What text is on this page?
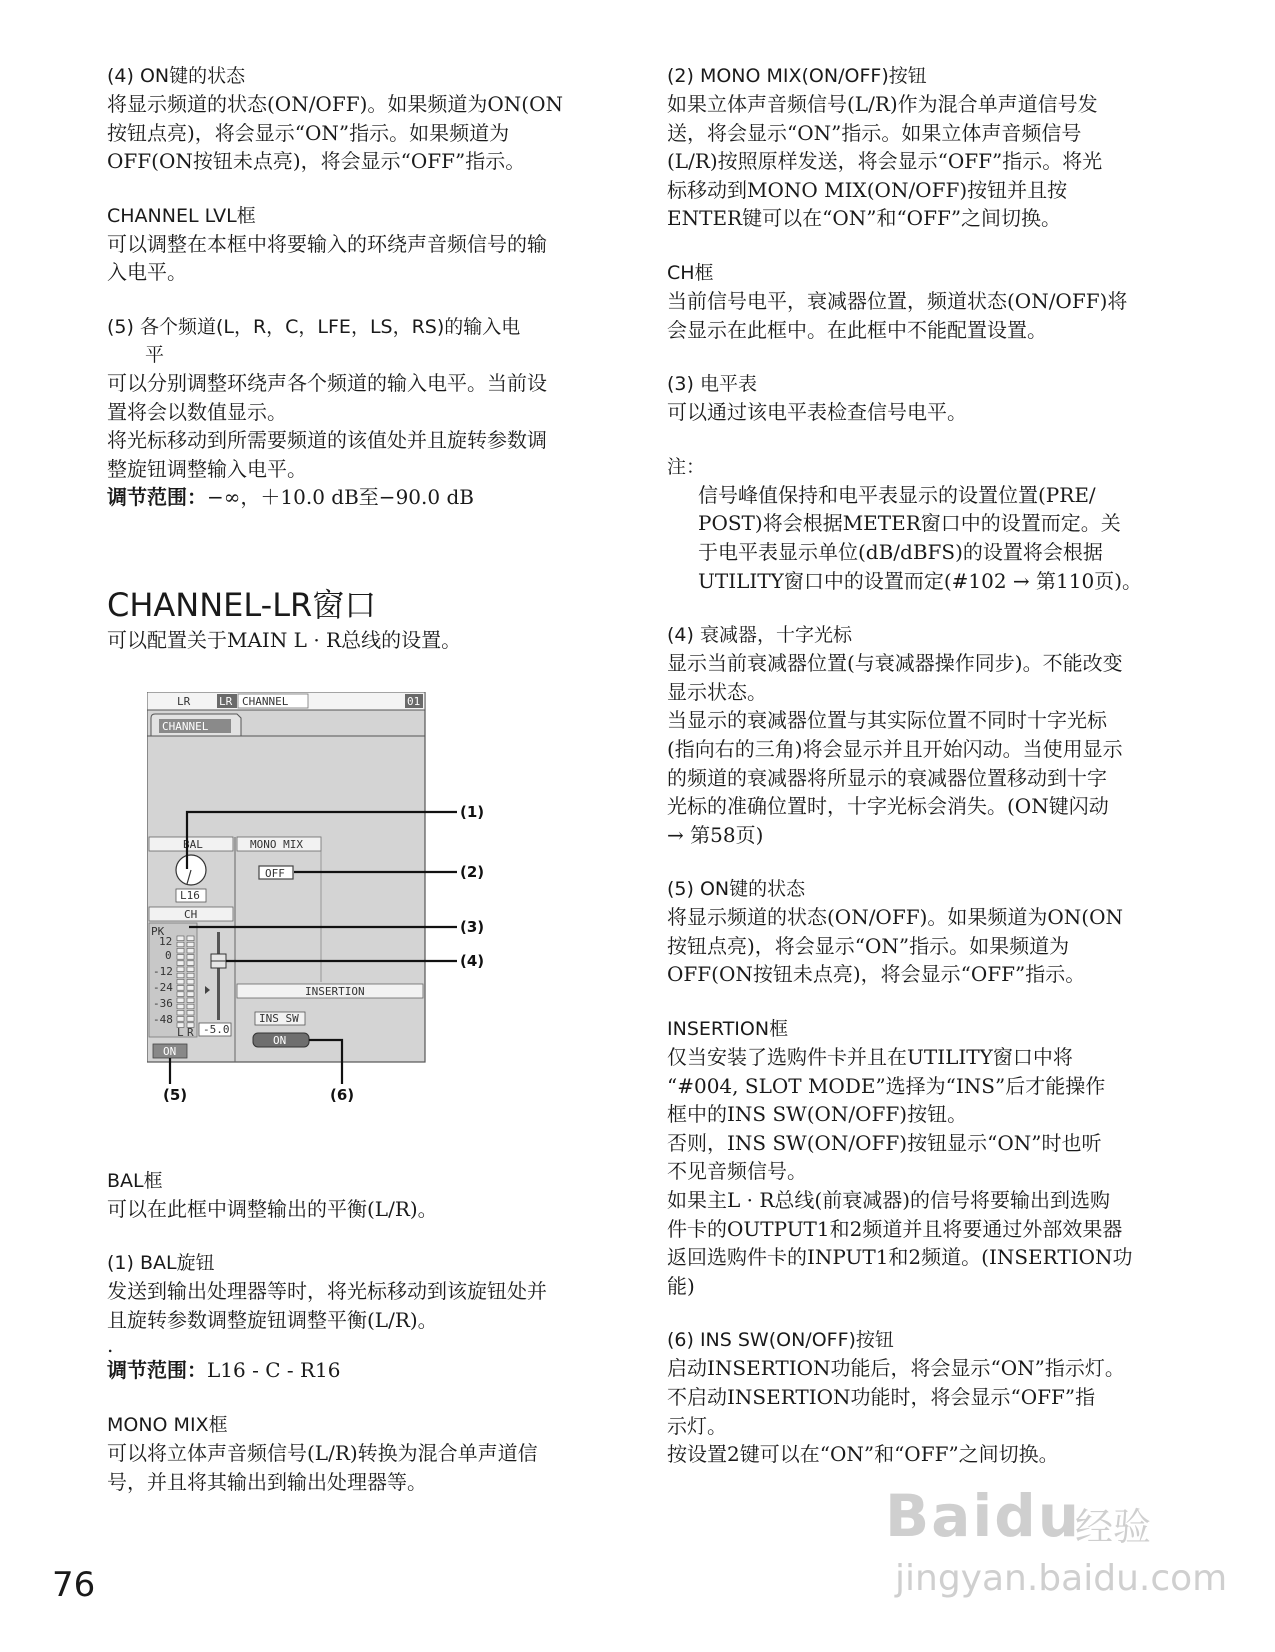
(4) ON键的状态

将显示频道的状态(ON/OFF)。如果频道为ON(ON
按钮点亮)，将会显示“ON”指示。如果频道为
OFF(ON按钮未点亮)，将会显示“OFF”指示。

CHANNEL LVL框

可以调整在本框中将要输入的环绕声音频信号的输
入电平。

(5) 各个频道(L，R，C，LFE，LS，RS)的输入电

平

可以分别调整环绕声各个频道的输入电平。当前设
置将会以数值显示。
将光标移动到所需要频道的该值处并且旋转参数调
整旋钮调整输入电平。

调节范围：−∞，＋10.0 dB至−90.0 dB

CHANNEL-LR窗口

可以配置关于MAIN L · R总线的设置。

BAL框

可以在此框中调整输出的平衡(L/R)。

(1) BAL旋钮

发送到输出处理器等时，将光标移动到该旋钮处并
且旋转参数调整旋钮调整平衡(L/R)。

.

调节范围：L16 - C - R16

MONO MIX框

可以将立体声音频信号(L/R)转换为混合单声道信
号，并且将其输出到输出处理器等。

LR	LR CHANNEL	01
CHANNEL
BAL
L16
CH
PK
12
0
-12
-24
-36
-48
L R -5.0
ON
MONO MIX
OFF
INSERTION
INS SW
ON
(1)
(2)
(3)
(4)
(5)	(6)

(2) MONO MIX(ON/OFF)按钮

如果立体声音频信号(L/R)作为混合单声道信号发
送，将会显示“ON”指示。如果立体声音频信号
(L/R)按照原样发送，将会显示“OFF”指示。将光
标移动到MONO MIX(ON/OFF)按钮并且按
ENTER键可以在“ON”和“OFF”之间切换。

CH框

当前信号电平，衰减器位置，频道状态(ON/OFF)将
会显示在此框中。在此框中不能配置设置。

(3) 电平表

可以通过该电平表检查信号电平。

注：

信号峰值保持和电平表显示的设置位置(PRE/
POST)将会根据METER窗口中的设置而定。关
于电平表显示单位(dB/dBFS)的设置将会根据
UTILITY窗口中的设置而定(#102 → 第110页)。

(4) 衰减器，十字光标

显示当前衰减器位置(与衰减器操作同步)。不能改变
显示状态。
当显示的衰减器位置与其实际位置不同时十字光标
(指向右的三角)将会显示并且开始闪动。当使用显示
的频道的衰减器将所显示的衰减器位置移动到十字
光标的准确位置时，十字光标会消失。(ON键闪动
→ 第58页)

(5) ON键的状态

将显示频道的状态(ON/OFF)。如果频道为ON(ON
按钮点亮)，将会显示“ON”指示。如果频道为
OFF(ON按钮未点亮)，将会显示“OFF”指示。

INSERTION框

仅当安装了选购件卡并且在UTILITY窗口中将
“#004, SLOT MODE”选择为“INS”后才能操作
框中的INS SW(ON/OFF)按钮。
否则，INS SW(ON/OFF)按钮显示“ON”时也听
不见音频信号。
如果主L · R总线(前衰减器)的信号将要输出到选购
件卡的OUTPUT1和2频道并且将要通过外部效果器
返回选购件卡的INPUT1和2频道。(INSERTION功
能)

(6) INS SW(ON/OFF)按钮

启动INSERTION功能后，将会显示“ON”指示灯。
不启动INSERTION功能时，将会显示“OFF”指
示灯。
按设置2键可以在“ON”和“OFF”之间切换。

76
Baidu
经验
jingyan.baidu.com
